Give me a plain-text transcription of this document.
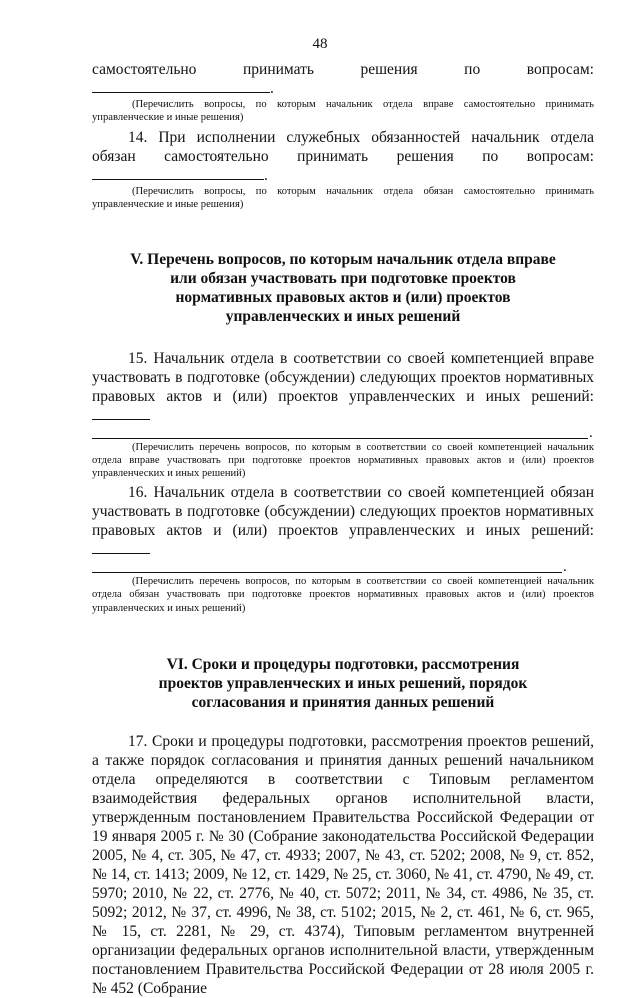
48

самостоятельно принимать решения по вопросам: .

(Перечислить вопросы, по которым начальник отдела вправе самостоятельно принимать управленческие и иные решения)

14. При исполнении служебных обязанностей начальник отдела обязан самостоятельно принимать решения по вопросам: .

(Перечислить вопросы, по которым начальник отдела обязан самостоятельно принимать управленческие и иные решения)

V. Перечень вопросов, по которым начальник отдела вправе или обязан участвовать при подготовке проектов нормативных правовых актов и (или) проектов управленческих и иных решений

15. Начальник отдела в соответствии со своей компетенцией вправе участвовать в подготовке (обсуждении) следующих проектов нормативных правовых актов и (или) проектов управленческих и иных решений:

.

(Перечислить перечень вопросов, по которым в соответствии со своей компетенцией начальник отдела вправе участвовать при подготовке проектов нормативных правовых актов и (или) проектов управленческих и иных решений)

16. Начальник отдела в соответствии со своей компетенцией обязан участвовать в подготовке (обсуждении) следующих проектов нормативных правовых актов и (или) проектов управленческих и иных решений:

.

(Перечислить перечень вопросов, по которым в соответствии со своей компетенцией начальник отдела обязан участвовать при подготовке проектов нормативных правовых актов и (или) проектов управленческих и иных решений)

VI. Сроки и процедуры подготовки, рассмотрения проектов управленческих и иных решений, порядок согласования и принятия данных решений

17. Сроки и процедуры подготовки, рассмотрения проектов решений, а также порядок согласования и принятия данных решений начальником отдела определяются в соответствии с Типовым регламентом взаимодействия федеральных органов исполнительной власти, утвержденным постановлением Правительства Российской Федерации от 19 января 2005 г. № 30 (Собрание законодательства Российской Федерации 2005, № 4, ст. 305, № 47, ст. 4933; 2007, № 43, ст. 5202; 2008, № 9, ст. 852, № 14, ст. 1413; 2009, № 12, ст. 1429, № 25, ст. 3060, № 41, ст. 4790, № 49, ст. 5970; 2010, № 22, ст. 2776, № 40, ст. 5072; 2011, № 34, ст. 4986, № 35, ст. 5092; 2012, № 37, ст. 4996, № 38, ст. 5102; 2015, № 2, ст. 461, № 6, ст. 965, № 15, ст. 2281, № 29, ст. 4374), Типовым регламентом внутренней организации федеральных органов исполнительной власти, утвержденным постановлением Правительства Российской Федерации от 28 июля 2005 г. № 452 (Собрание
